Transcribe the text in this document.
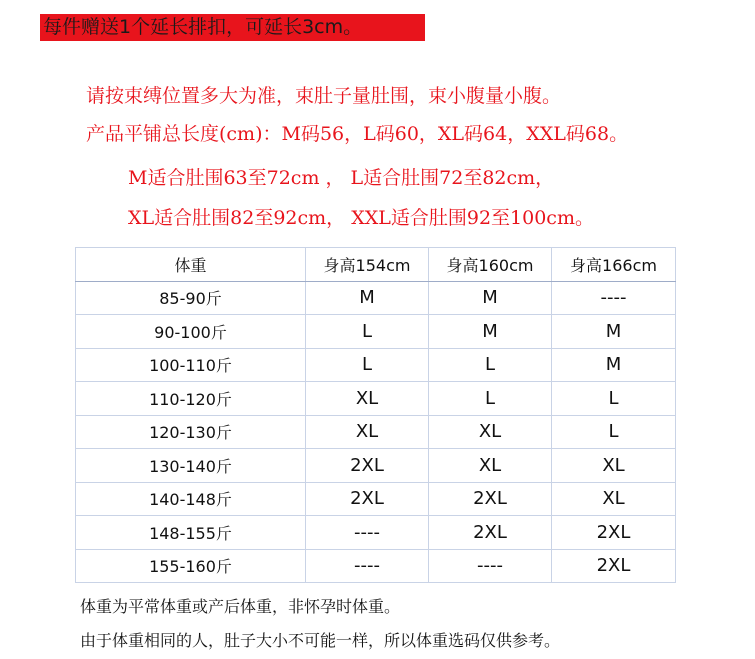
每件赠送1个延长排扣，可延长3cm。
请按束缚位置多大为准，束肚子量肚围，束小腹量小腹。
产品平铺总长度(cm)：M码56，L码60，XL码64，XXL码68。
M适合肚围63至72cm ， L适合肚围72至82cm，
XL适合肚围82至92cm， XXL适合肚围92至100cm。
体重	身高154cm	身高160cm	身高166cm
85-90斤	M	M	----
90-100斤	L	M	M
100-110斤	L	L	M
110-120斤	XL	L	L
120-130斤	XL	XL	L
130-140斤	2XL	XL	XL
140-148斤	2XL	2XL	XL
148-155斤	----	2XL	2XL
155-160斤	----	----	2XL
体重为平常体重或产后体重，非怀孕时体重。
由于体重相同的人，肚子大小不可能一样，所以体重选码仅供参考。
